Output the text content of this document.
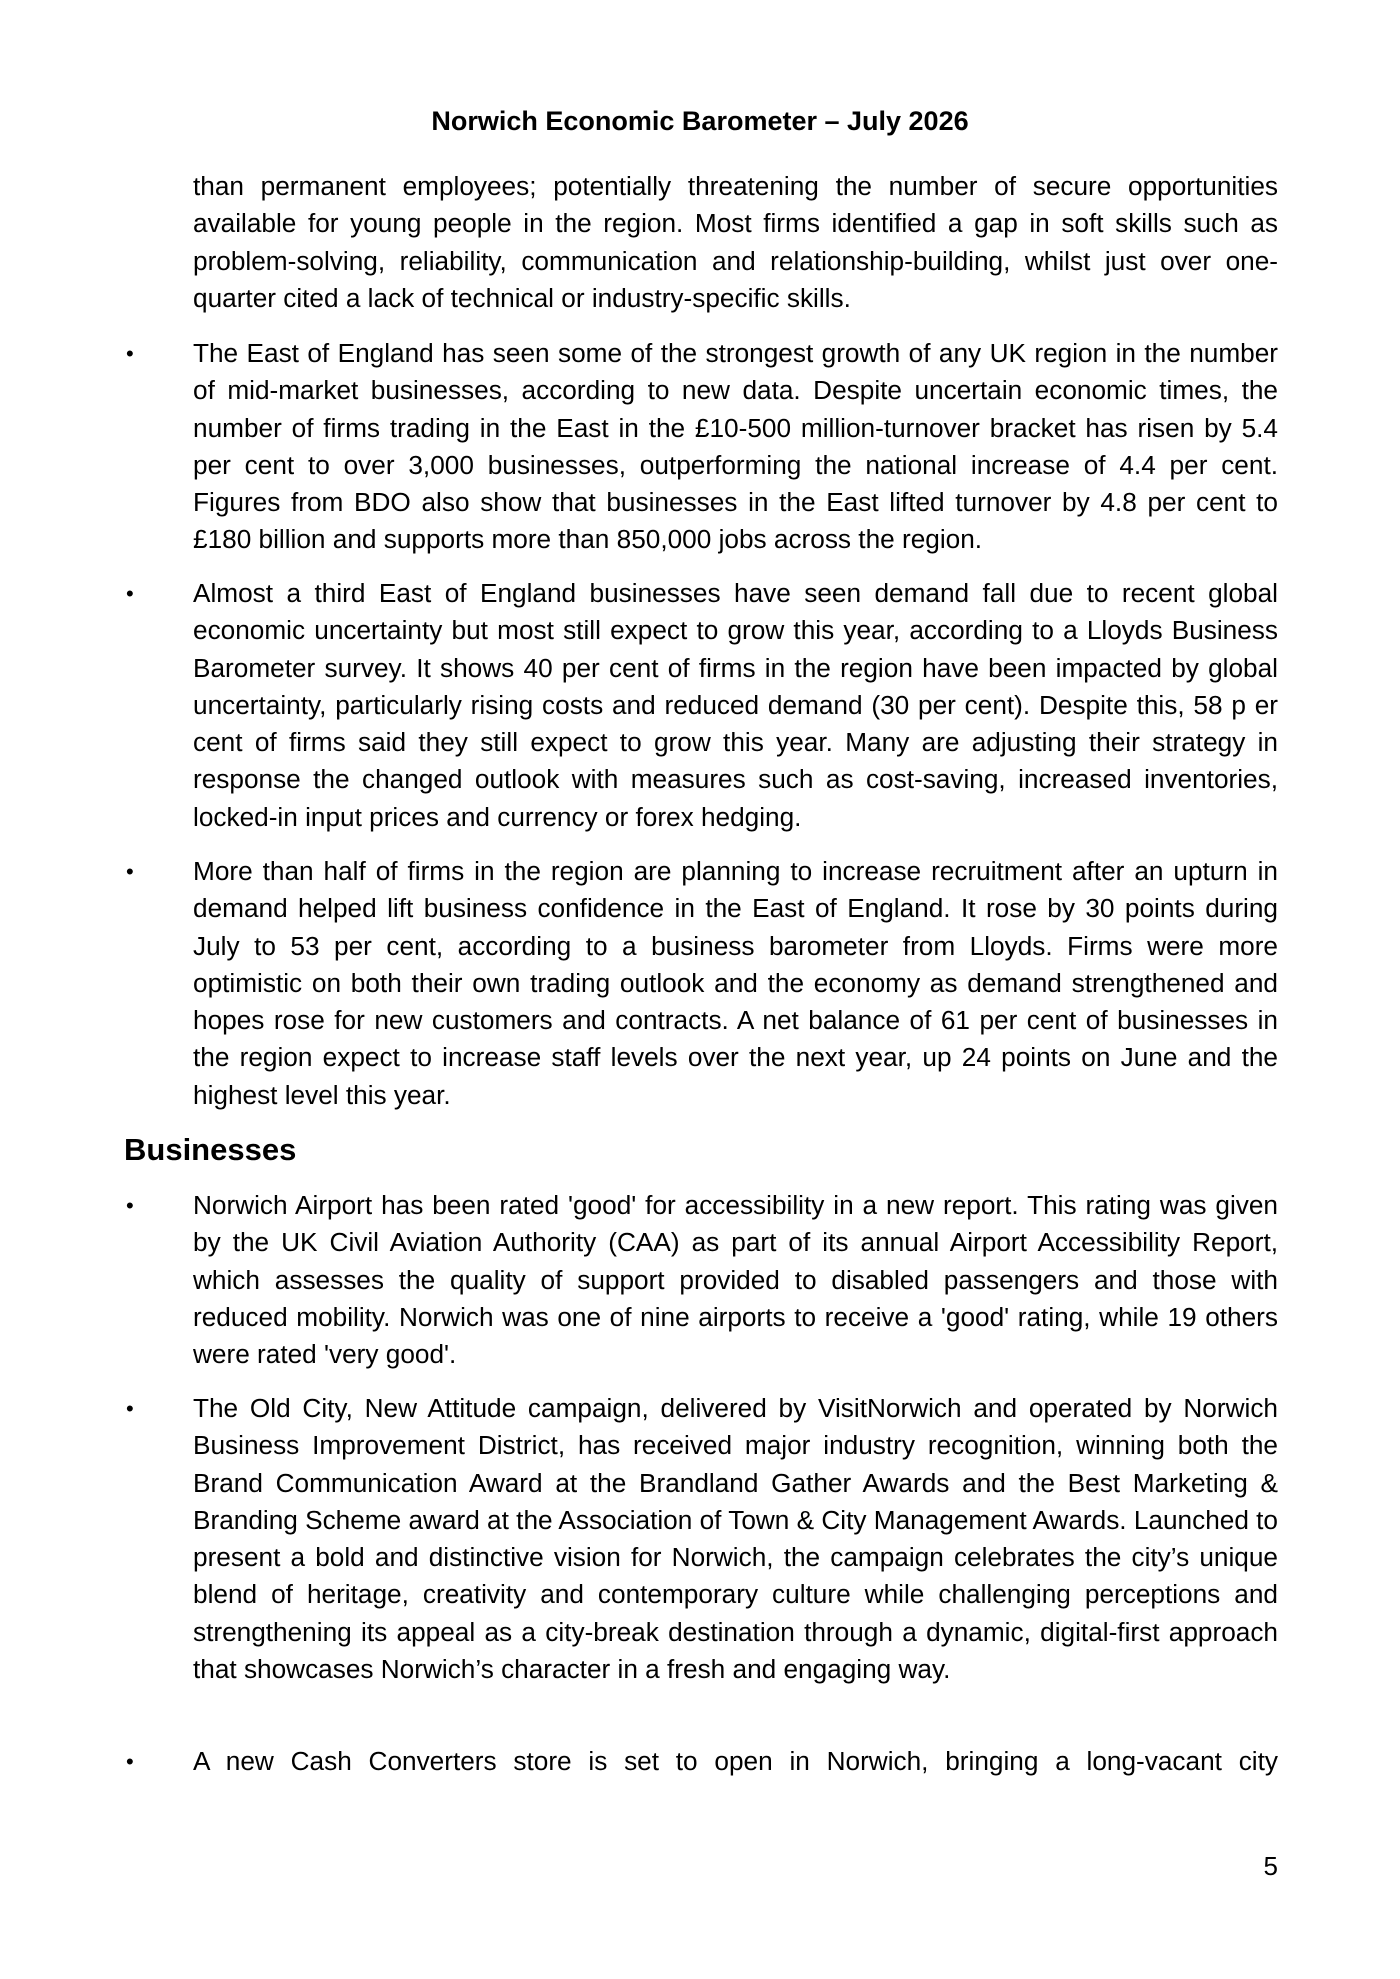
Norwich Economic Barometer – July 2026
than permanent employees; potentially threatening the number of secure opportunities available for young people in the region. Most firms identified a gap in soft skills such as problem-solving, reliability, communication and relationship-building, whilst just over one-quarter cited a lack of technical or industry-specific skills.
• The East of England has seen some of the strongest growth of any UK region in the number of mid-market businesses, according to new data. Despite uncertain economic times, the number of firms trading in the East in the £10-500 million-turnover bracket has risen by 5.4 per cent to over 3,000 businesses, outperforming the national increase of 4.4 per cent. Figures from BDO also show that businesses in the East lifted turnover by 4.8 per cent to £180 billion and supports more than 850,000 jobs across the region.
• Almost a third East of England businesses have seen demand fall due to recent global economic uncertainty but most still expect to grow this year, according to a Lloyds Business Barometer survey. It shows 40 per cent of firms in the region have been impacted by global uncertainty, particularly rising costs and reduced demand (30 per cent). Despite this, 58 p er cent of firms said they still expect to grow this year. Many are adjusting their strategy in response the changed outlook with measures such as cost-saving, increased inventories, locked-in input prices and currency or forex hedging.
• More than half of firms in the region are planning to increase recruitment after an upturn in demand helped lift business confidence in the East of England. It rose by 30 points during July to 53 per cent, according to a business barometer from Lloyds. Firms were more optimistic on both their own trading outlook and the economy as demand strengthened and hopes rose for new customers and contracts. A net balance of 61 per cent of businesses in the region expect to increase staff levels over the next year, up 24 points on June and the highest level this year.
Businesses
• Norwich Airport has been rated 'good' for accessibility in a new report. This rating was given by the UK Civil Aviation Authority (CAA) as part of its annual Airport Accessibility Report, which assesses the quality of support provided to disabled passengers and those with reduced mobility. Norwich was one of nine airports to receive a 'good' rating, while 19 others were rated 'very good'.
• The Old City, New Attitude campaign, delivered by VisitNorwich and operated by Norwich Business Improvement District, has received major industry recognition, winning both the Brand Communication Award at the Brandland Gather Awards and the Best Marketing & Branding Scheme award at the Association of Town & City Management Awards. Launched to present a bold and distinctive vision for Norwich, the campaign celebrates the city’s unique blend of heritage, creativity and contemporary culture while challenging perceptions and strengthening its appeal as a city-break destination through a dynamic, digital-first approach that showcases Norwich’s character in a fresh and engaging way.
• A new Cash Converters store is set to open in Norwich, bringing a long-vacant city
5
